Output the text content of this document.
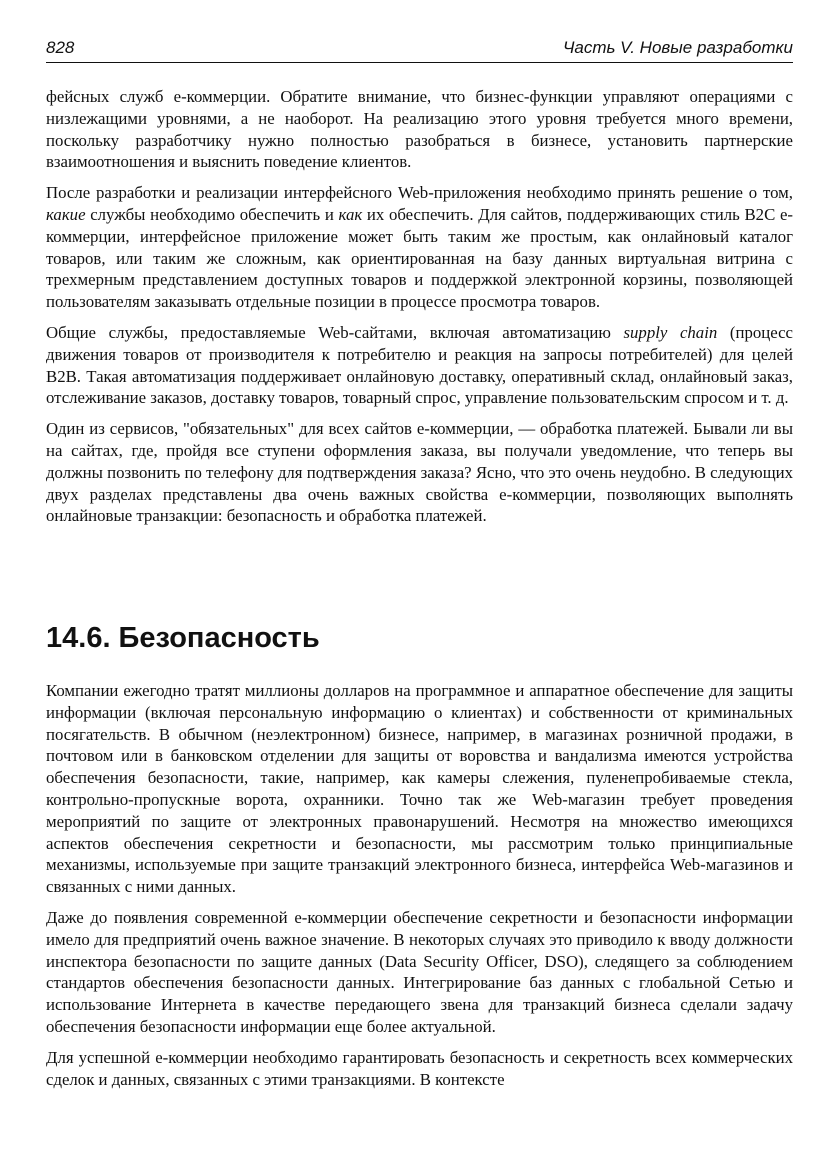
828	Часть V. Новые разработки

фейсных служб е-коммерции. Обратите внимание, что бизнес-функции управляют операциями с низлежащими уровнями, а не наоборот. На реализацию этого уровня требуется много времени, поскольку разработчику нужно полностью разобраться в бизнесе, установить партнерские взаимоотношения и выяснить поведение клиентов.

После разработки и реализации интерфейсного Web-приложения необходимо принять решение о том, какие службы необходимо обеспечить и как их обеспечить. Для сайтов, поддерживающих стиль B2C е-коммерции, интерфейсное приложение может быть таким же простым, как онлайновый каталог товаров, или таким же сложным, как ориентированная на базу данных виртуальная витрина с трехмерным представлением доступных товаров и поддержкой электронной корзины, позволяющей пользователям заказывать отдельные позиции в процессе просмотра товаров.

Общие службы, предоставляемые Web-сайтами, включая автоматизацию supply chain (процесс движения товаров от производителя к потребителю и реакция на запросы потребителей) для целей B2B. Такая автоматизация поддерживает онлайновую доставку, оперативный склад, онлайновый заказ, отслеживание заказов, доставку товаров, товарный спрос, управление пользовательским спросом и т. д.

Один из сервисов, "обязательных" для всех сайтов е-коммерции, — обработка платежей. Бывали ли вы на сайтах, где, пройдя все ступени оформления заказа, вы получали уведомление, что теперь вы должны позвонить по телефону для подтверждения заказа? Ясно, что это очень неудобно. В следующих двух разделах представлены два очень важных свойства е-коммерции, позволяющих выполнять онлайновые транзакции: безопасность и обработка платежей.

14.6. Безопасность

Компании ежегодно тратят миллионы долларов на программное и аппаратное обеспечение для защиты информации (включая персональную информацию о клиентах) и собственности от криминальных посягательств. В обычном (неэлектронном) бизнесе, например, в магазинах розничной продажи, в почтовом или в банковском отделении для защиты от воровства и вандализма имеются устройства обеспечения безопасности, такие, например, как камеры слежения, пуленепробиваемые стекла, контрольно-пропускные ворота, охранники. Точно так же Web-магазин требует проведения мероприятий по защите от электронных правонарушений. Несмотря на множество имеющихся аспектов обеспечения секретности и безопасности, мы рассмотрим только принципиальные механизмы, используемые при защите транзакций электронного бизнеса, интерфейса Web-магазинов и связанных с ними данных.

Даже до появления современной е-коммерции обеспечение секретности и безопасности информации имело для предприятий очень важное значение. В некоторых случаях это приводило к вводу должности инспектора безопасности по защите данных (Data Security Officer, DSO), следящего за соблюдением стандартов обеспечения безопасности данных. Интегрирование баз данных с глобальной Сетью и использование Интернета в качестве передающего звена для транзакций бизнеса сделали задачу обеспечения безопасности информации еще более актуальной.

Для успешной е-коммерции необходимо гарантировать безопасность и секретность всех коммерческих сделок и данных, связанных с этими транзакциями. В контексте
